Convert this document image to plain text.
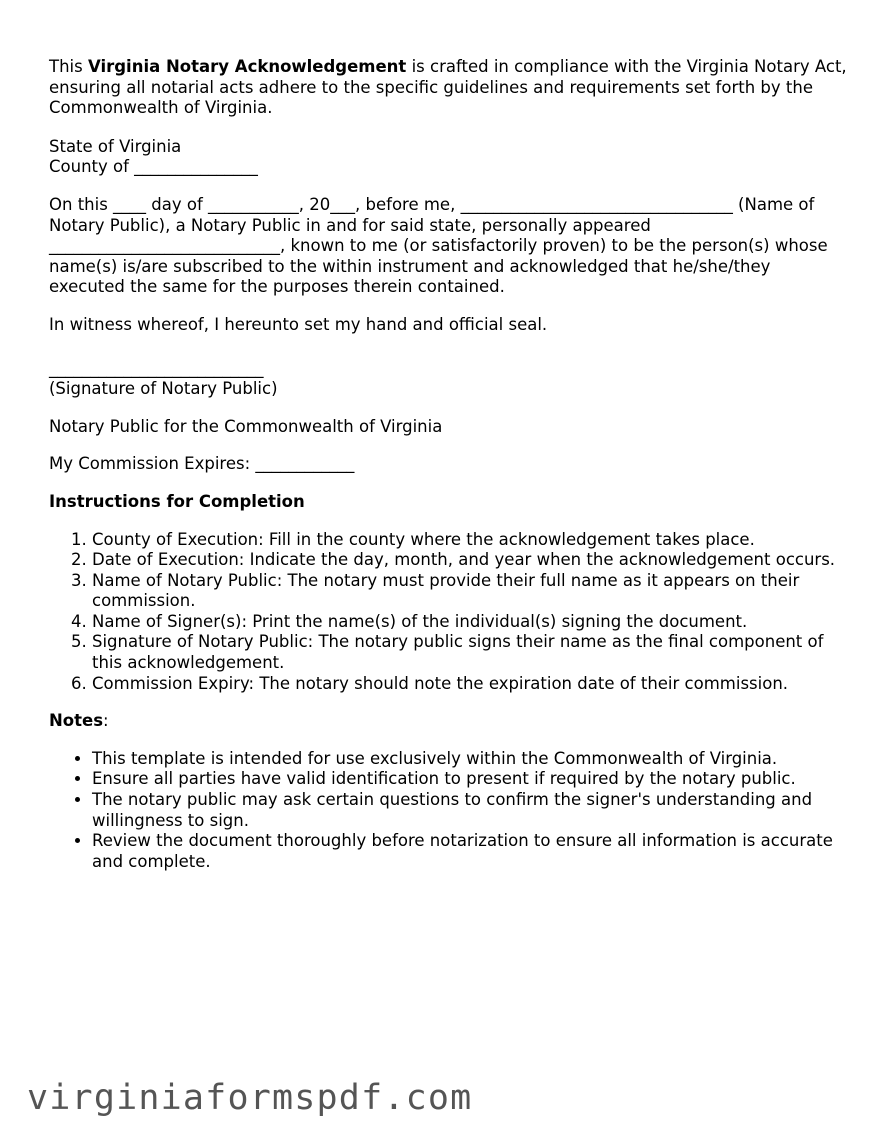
This Virginia Notary Acknowledgement is crafted in compliance with the Virginia Notary Act, ensuring all notarial acts adhere to the specific guidelines and requirements set forth by the Commonwealth of Virginia.

State of Virginia

County of _______________

On this ____ day of ___________, 20___, before me, _________________________________ (Name of Notary Public), a Notary Public in and for said state, personally appeared ____________________________, known to me (or satisfactorily proven) to be the person(s) whose name(s) is/are subscribed to the within instrument and acknowledged that he/she/they executed the same for the purposes therein contained.

In witness whereof, I hereunto set my hand and official seal.

__________________________

(Signature of Notary Public)

Notary Public for the Commonwealth of Virginia

My Commission Expires: ____________

Instructions for Completion

1. County of Execution: Fill in the county where the acknowledgement takes place.
2. Date of Execution: Indicate the day, month, and year when the acknowledgement occurs.
3. Name of Notary Public: The notary must provide their full name as it appears on their commission.
4. Name of Signer(s): Print the name(s) of the individual(s) signing the document.
5. Signature of Notary Public: The notary public signs their name as the final component of this acknowledgement.
6. Commission Expiry: The notary should note the expiration date of their commission.

Notes:

• This template is intended for use exclusively within the Commonwealth of Virginia.
• Ensure all parties have valid identification to present if required by the notary public.
• The notary public may ask certain questions to confirm the signer's understanding and willingness to sign.
• Review the document thoroughly before notarization to ensure all information is accurate and complete.
virginiaformspdf.com
